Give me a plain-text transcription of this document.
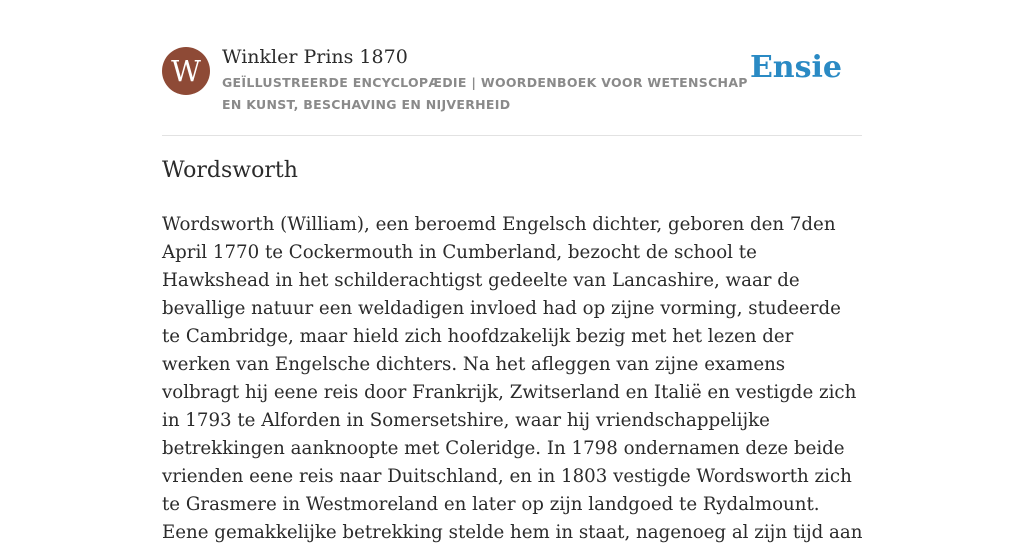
W	Winkler Prins 1870
GEÏLLUSTREERDE ENCYCLOPÆDIE | WOORDENBOEK VOOR WETENSCHAP EN KUNST, BESCHAVING EN NIJVERHEID
Ensie
Wordsworth

Wordsworth (William), een beroemd Engelsch dichter, geboren den 7den April 1770 te Cockermouth in Cumberland, bezocht de school te Hawkshead in het schilderachtigst gedeelte van Lancashire, waar de bevallige natuur een weldadigen invloed had op zijne vorming, studeerde te Cambridge, maar hield zich hoofdzakelijk bezig met het lezen der werken van Engelsche dichters. Na het afleggen van zijne examens volbragt hij eene reis door Frankrijk, Zwitserland en Italië en vestigde zich in 1793 te Alforden in Somersetshire, waar hij vriendschappelijke betrekkingen aanknoopte met Coleridge. In 1798 ondernamen deze beide vrienden eene reis naar Duitschland, en in 1803 vestigde Wordsworth zich te Grasmere in Westmoreland en later op zijn landgoed te Rydalmount. Eene gemakkelijke betrekking stelde hem in staat, nagenoeg al zijn tijd aan
